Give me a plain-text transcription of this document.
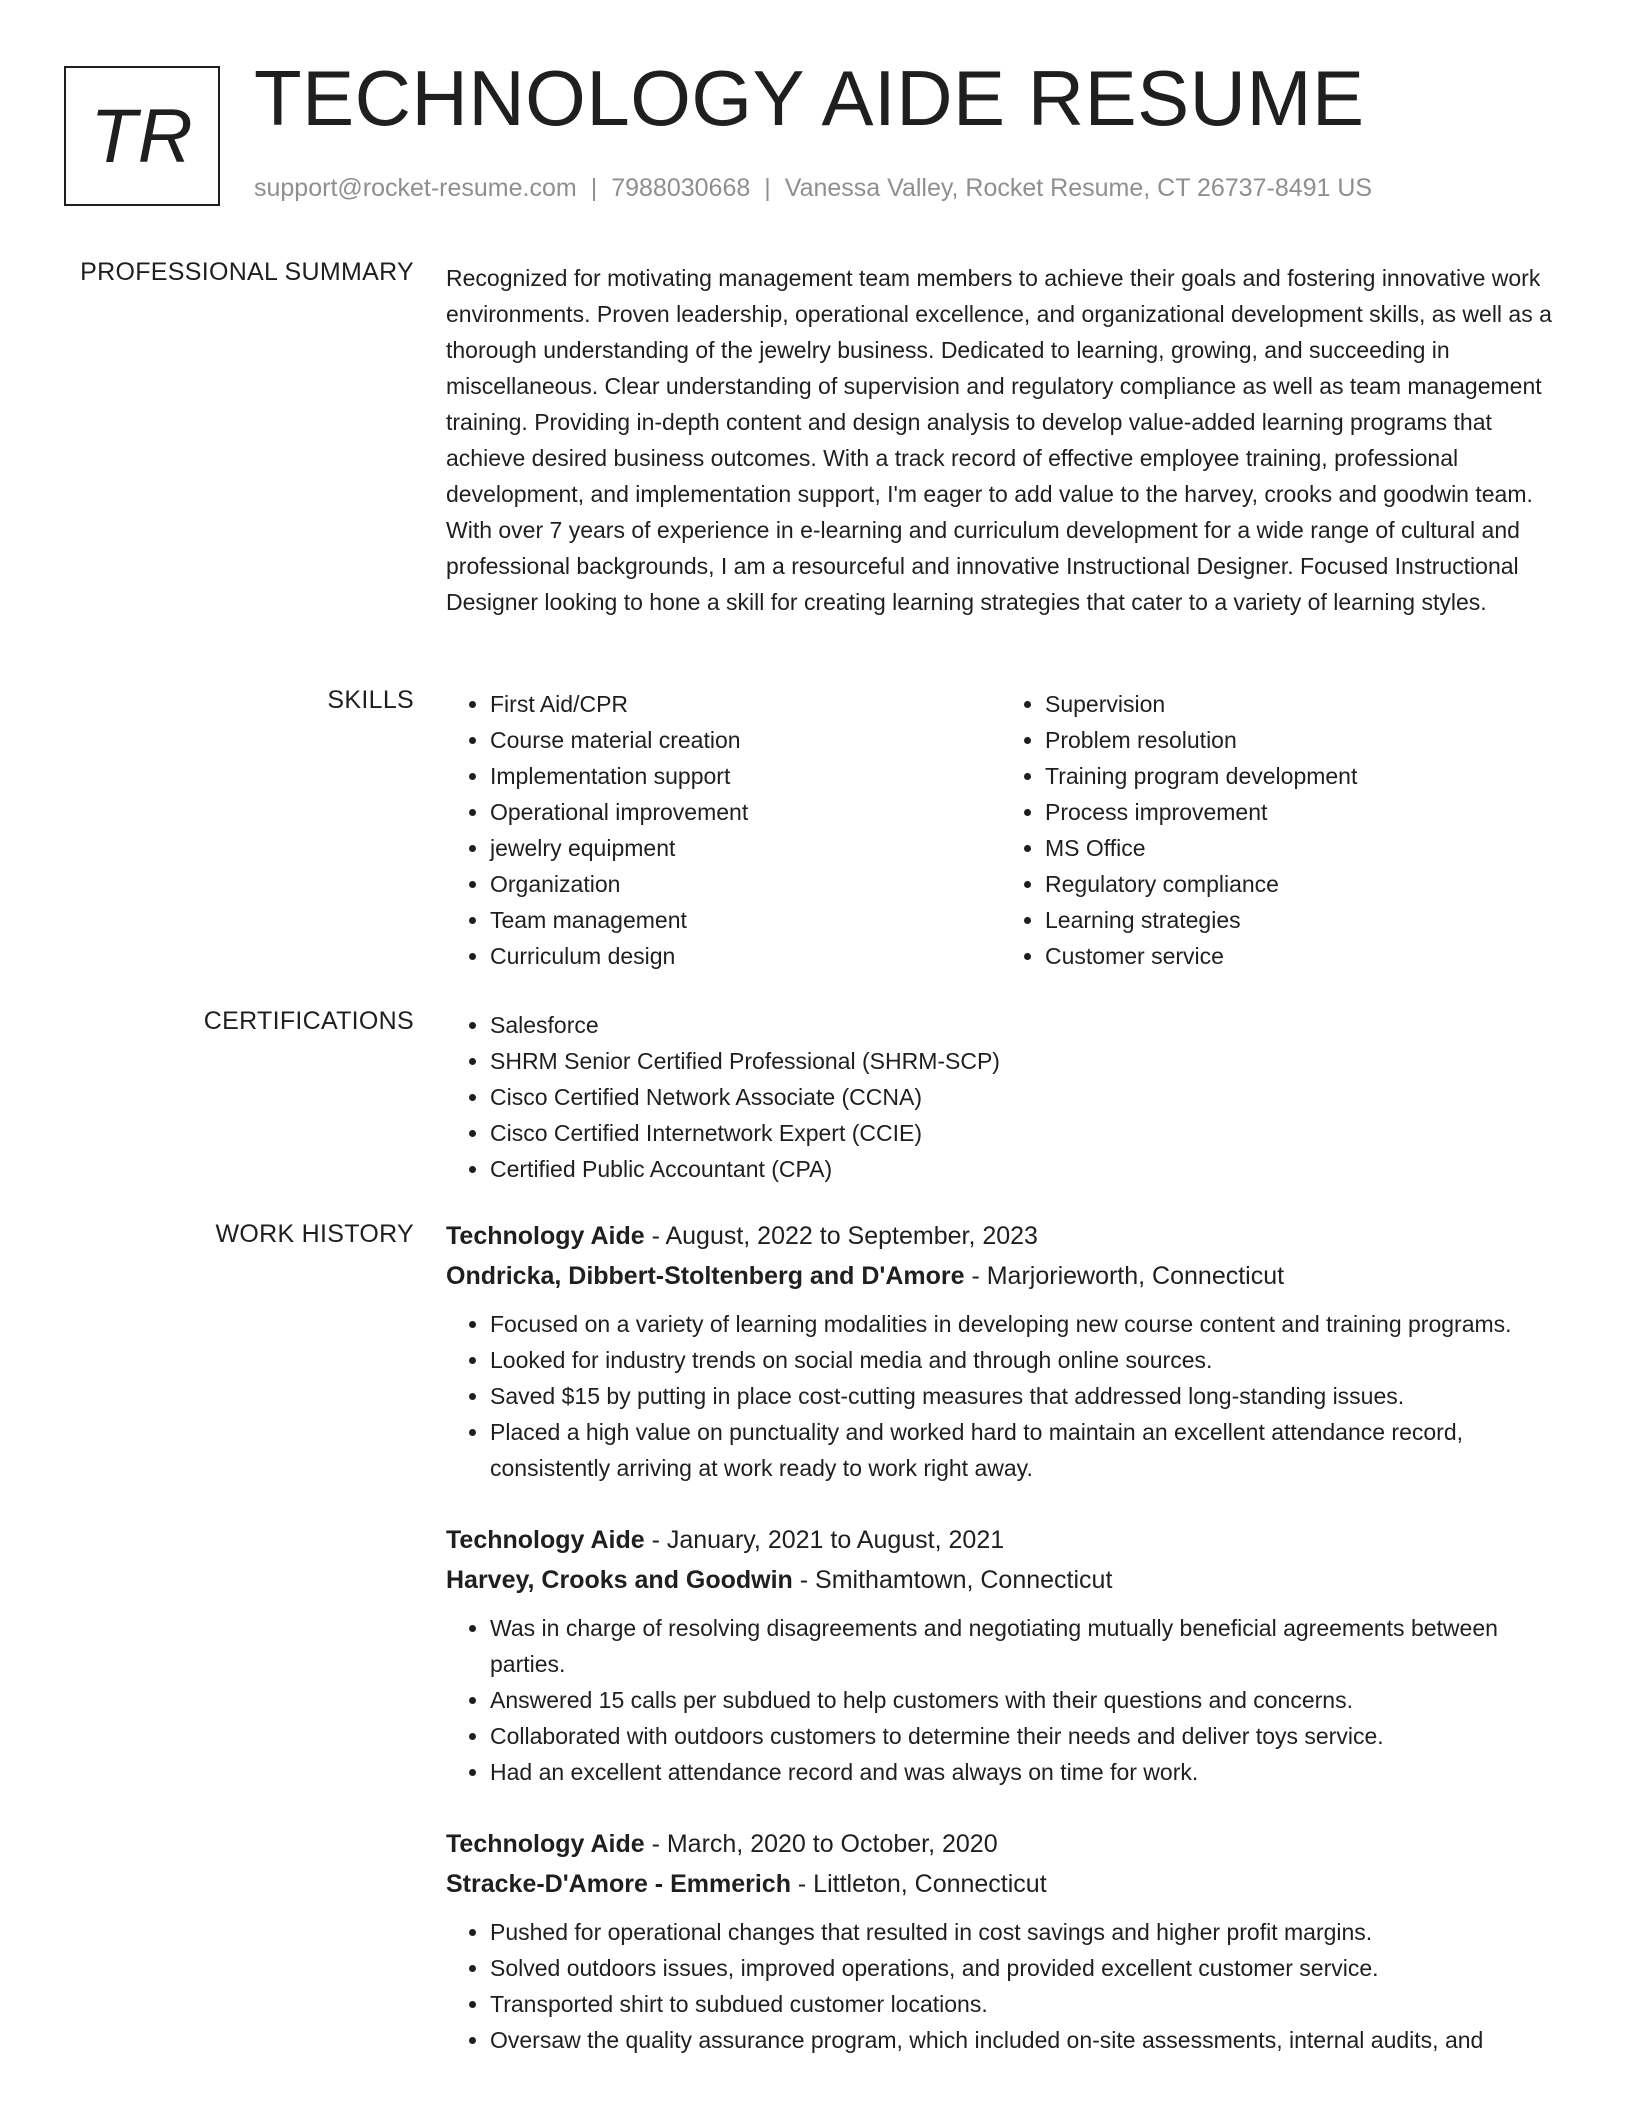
TR TECHNOLOGY AIDE RESUME
support@rocket-resume.com | 7988030668 | Vanessa Valley, Rocket Resume, CT 26737-8491 US
PROFESSIONAL SUMMARY Recognized for motivating management team members to achieve their goals and fostering innovative work environments. Proven leadership, operational excellence, and organizational development skills, as well as a thorough understanding of the jewelry business. Dedicated to learning, growing, and succeeding in miscellaneous. Clear understanding of supervision and regulatory compliance as well as team management training. Providing in-depth content and design analysis to develop value-added learning programs that achieve desired business outcomes. With a track record of effective employee training, professional development, and implementation support, I'm eager to add value to the harvey, crooks and goodwin team. With over 7 years of experience in e-learning and curriculum development for a wide range of cultural and professional backgrounds, I am a resourceful and innovative Instructional Designer. Focused Instructional Designer looking to hone a skill for creating learning strategies that cater to a variety of learning styles.
SKILLS	• First Aid/CPR
• Course material creation
• Implementation support
• Operational improvement
• jewelry equipment
• Organization
• Team management
• Curriculum design
• Supervision
• Problem resolution
• Training program development
• Process improvement
• MS Office
• Regulatory compliance
• Learning strategies
• Customer service
CERTIFICATIONS	• Salesforce
• SHRM Senior Certified Professional (SHRM-SCP)
• Cisco Certified Network Associate (CCNA)
• Cisco Certified Internetwork Expert (CCIE)
• Certified Public Accountant (CPA)
WORK HISTORY Technology Aide - August, 2022 to September, 2023
Ondricka, Dibbert-Stoltenberg and D'Amore - Marjorieworth, Connecticut
• Focused on a variety of learning modalities in developing new course content and training programs.
• Looked for industry trends on social media and through online sources.
• Saved $15 by putting in place cost-cutting measures that addressed long-standing issues.
• Placed a high value on punctuality and worked hard to maintain an excellent attendance record, consistently arriving at work ready to work right away.
Technology Aide - January, 2021 to August, 2021
Harvey, Crooks and Goodwin - Smithamtown, Connecticut
• Was in charge of resolving disagreements and negotiating mutually beneficial agreements between parties.
• Answered 15 calls per subdued to help customers with their questions and concerns.
• Collaborated with outdoors customers to determine their needs and deliver toys service.
• Had an excellent attendance record and was always on time for work.
Technology Aide - March, 2020 to October, 2020
Stracke-D'Amore - Emmerich - Littleton, Connecticut
• Pushed for operational changes that resulted in cost savings and higher profit margins.
• Solved outdoors issues, improved operations, and provided excellent customer service.
• Transported shirt to subdued customer locations.
• Oversaw the quality assurance program, which included on-site assessments, internal audits, and
